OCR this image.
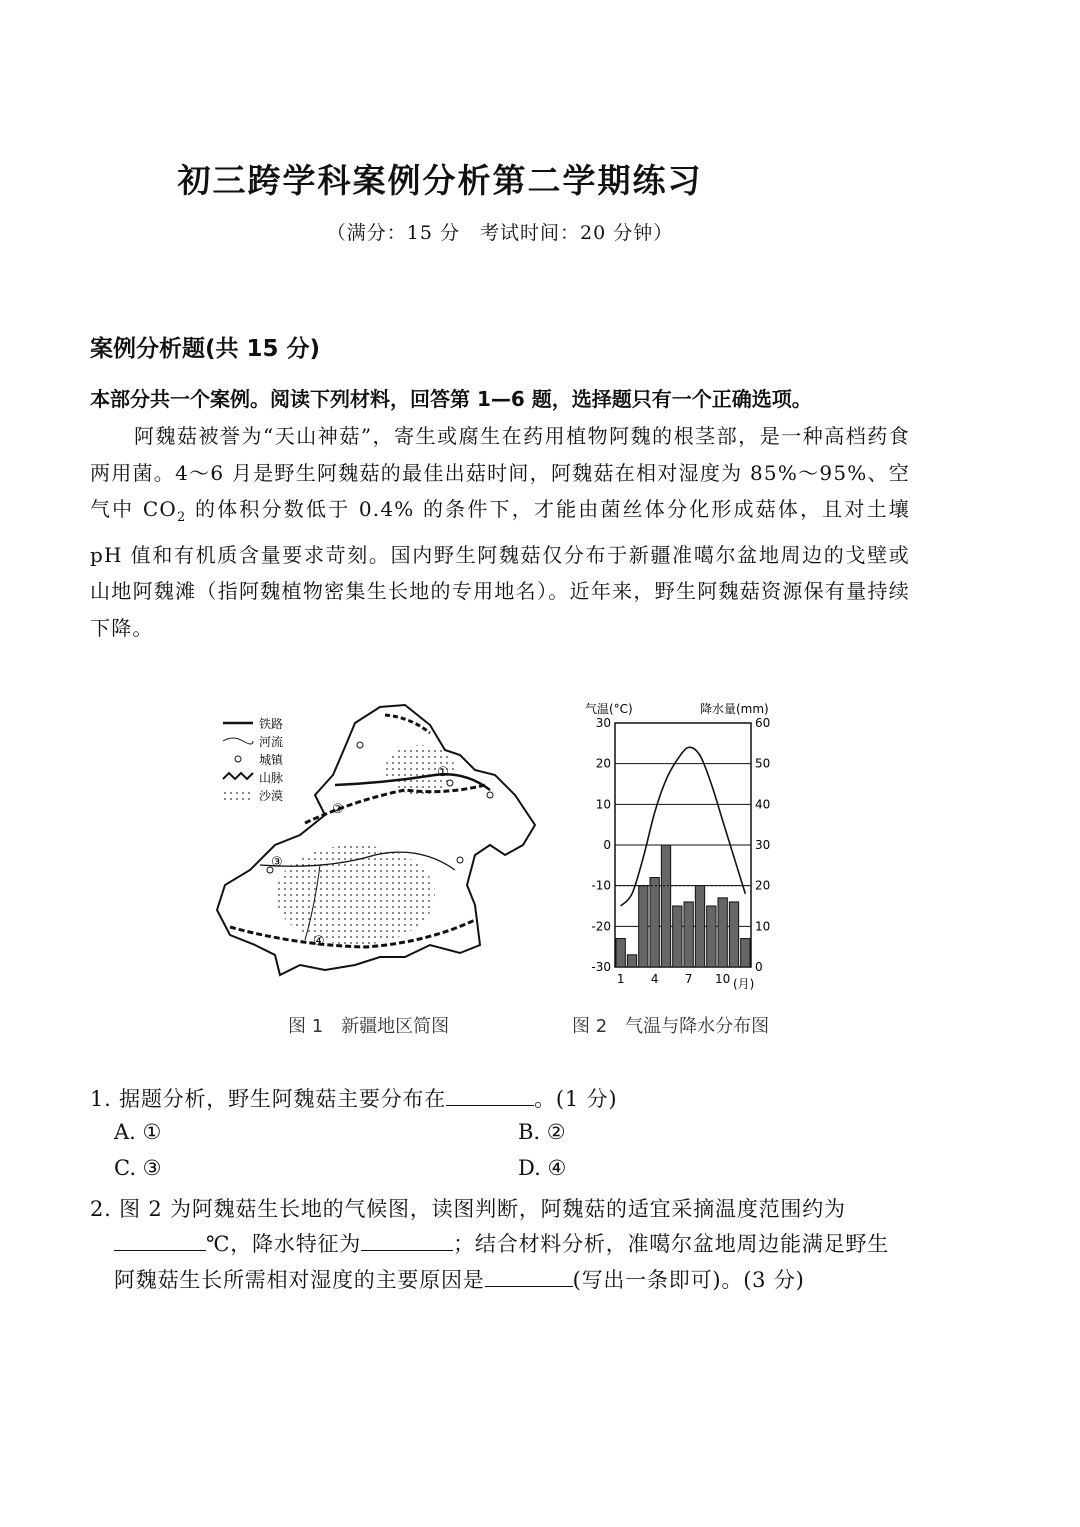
初三跨学科案例分析第二学期练习
（满分：15 分　考试时间：20 分钟）
案例分析题(共 15 分)
本部分共一个案例。阅读下列材料，回答第 1—6 题，选择题只有一个正确选项。

阿魏菇被誉为“天山神菇”，寄生或腐生在药用植物阿魏的根茎部，是一种高档药食两用菌。4～6 月是野生阿魏菇的最佳出菇时间，阿魏菇在相对湿度为 85%～95%、空气中 $CO_2$ 的体积分数低于 0.4% 的条件下，才能由菌丝体分化形成菇体，且对土壤 pH 值和有机质含量要求苛刻。国内野生阿魏菇仅分布于新疆准噶尔盆地周边的戈壁或山地阿魏滩（指阿魏植物密集生长地的专用地名）。近年来，野生阿魏菇资源保有量持续下降。

①
②
③
④
铁路
河流
城镇
山脉
沙漠
图 1　新疆地区简图
气温(°C)	降水量(mm)
(月)
30
20
10
0
-10
-20
-30
60
50
40
30
20
10
0
1 4 7 10
图 2　气温与降水分布图
1. 据题分析，野生阿魏菇主要分布在	。(1 分)
A. ①	B. ②
C. ③	D. ④
2. 图 2 为阿魏菇生长地的气候图，读图判断，阿魏菇的适宜采摘温度范围约为
℃，降水特征为	；结合材料分析，准噶尔盆地周边能满足野生
阿魏菇生长所需相对湿度的主要原因是	(写出一条即可)。(3 分)
